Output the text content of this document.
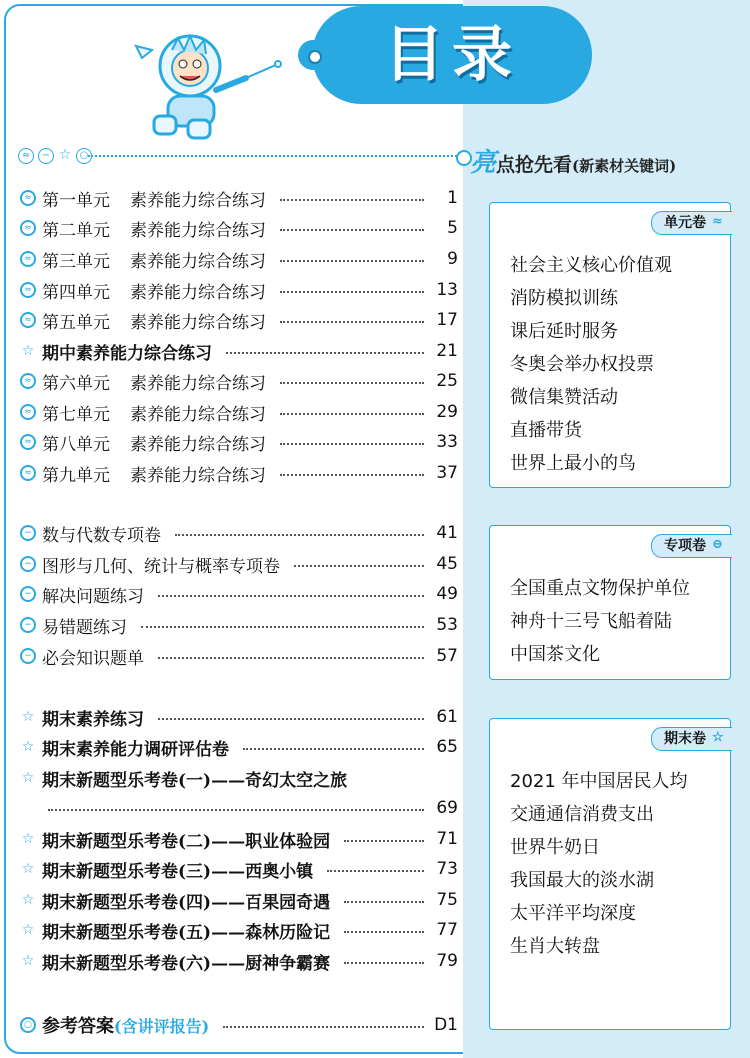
目录
≈	− ☆ ○	亮 点抢先看 (新素材关键词)
≈ 第一单元 素养能力综合练习	1
≈ 第二单元 素养能力综合练习	5
≈ 第三单元 素养能力综合练习	9
≈ 第四单元 素养能力综合练习	13
≈ 第五单元 素养能力综合练习	17
☆ 期中素养能力综合练习	21
≈ 第六单元 素养能力综合练习	25
≈ 第七单元 素养能力综合练习	29
≈ 第八单元 素养能力综合练习	33
≈ 第九单元 素养能力综合练习	37
− 数与代数专项卷	41
− 图形与几何、统计与概率专项卷	45
− 解决问题练习	49
− 易错题练习	53
− 必会知识题单	57
☆ 期末素养练习	61
☆ 期末素养能力调研评估卷	65
☆ 期末新题型乐考卷(一)——奇幻太空之旅
69
☆ 期末新题型乐考卷(二)——职业体验园	71
☆ 期末新题型乐考卷(三)——西奥小镇	73
☆ 期末新题型乐考卷(四)——百果园奇遇	75
☆ 期末新题型乐考卷(五)——森林历险记	77
☆ 期末新题型乐考卷(六)——厨神争霸赛	79
○ 参考答案 (含讲评报告)	D1
单元卷 ≈
社会主义核心价值观
消防模拟训练
课后延时服务
冬奥会举办权投票
微信集赞活动
直播带货
世界上最小的鸟
专项卷 ⊖
全国重点文物保护单位
神舟十三号飞船着陆
中国茶文化
期末卷 ☆
2021 年中国居民人均
交通通信消费支出
世界牛奶日
我国最大的淡水湖
太平洋平均深度
生肖大转盘
